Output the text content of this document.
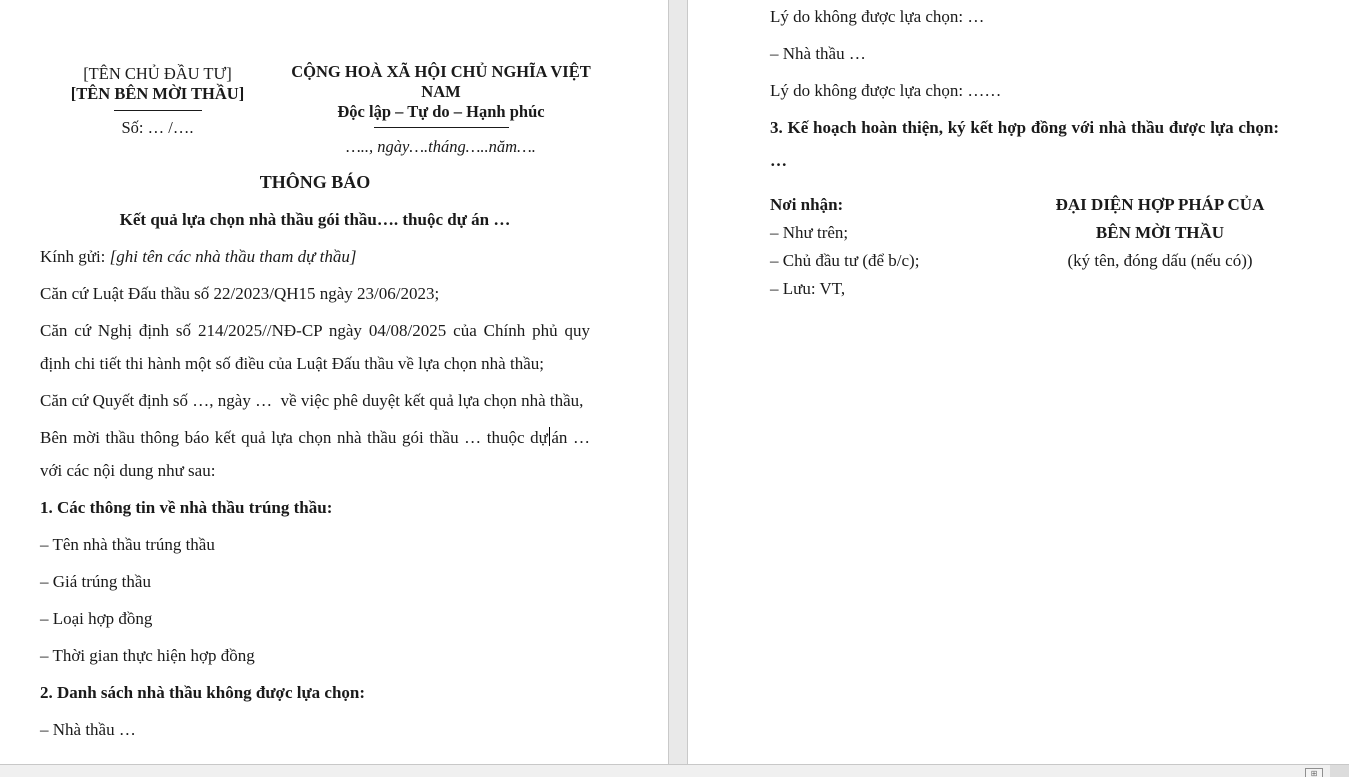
[TÊN CHỦ ĐẦU TƯ]
[TÊN BÊN MỜI THẦU]
Số: … /….
CỘNG HOÀ XÃ HỘI CHỦ NGHĨA VIỆT NAM
Độc lập – Tự do – Hạnh phúc
….., ngày….tháng…..năm….
THÔNG BÁO
Kết quả lựa chọn nhà thầu gói thầu…. thuộc dự án …
Kính gửi: [ghi tên các nhà thầu tham dự thầu]
Căn cứ Luật Đấu thầu số 22/2023/QH15 ngày 23/06/2023;
Căn cứ Nghị định số 214/2025//NĐ-CP ngày 04/08/2025 của Chính phủ quy định chi tiết thi hành một số điều của Luật Đấu thầu về lựa chọn nhà thầu;
Căn cứ Quyết định số …, ngày …  về việc phê duyệt kết quả lựa chọn nhà thầu,
Bên mời thầu thông báo kết quả lựa chọn nhà thầu gói thầu … thuộc dự án … với các nội dung như sau:
1. Các thông tin về nhà thầu trúng thầu:
– Tên nhà thầu trúng thầu
– Giá trúng thầu
– Loại hợp đồng
– Thời gian thực hiện hợp đồng
2. Danh sách nhà thầu không được lựa chọn:
– Nhà thầu …
Lý do không được lựa chọn: …
– Nhà thầu …
Lý do không được lựa chọn: ……
3. Kế hoạch hoàn thiện, ký kết hợp đồng với nhà thầu được lựa chọn:  …
Nơi nhận:
– Như trên;
– Chủ đầu tư (để b/c);
– Lưu: VT,
ĐẠI DIỆN HỢP PHÁP CỦA
BÊN MỜI THẦU
(ký tên, đóng dấu (nếu có))
⊞
